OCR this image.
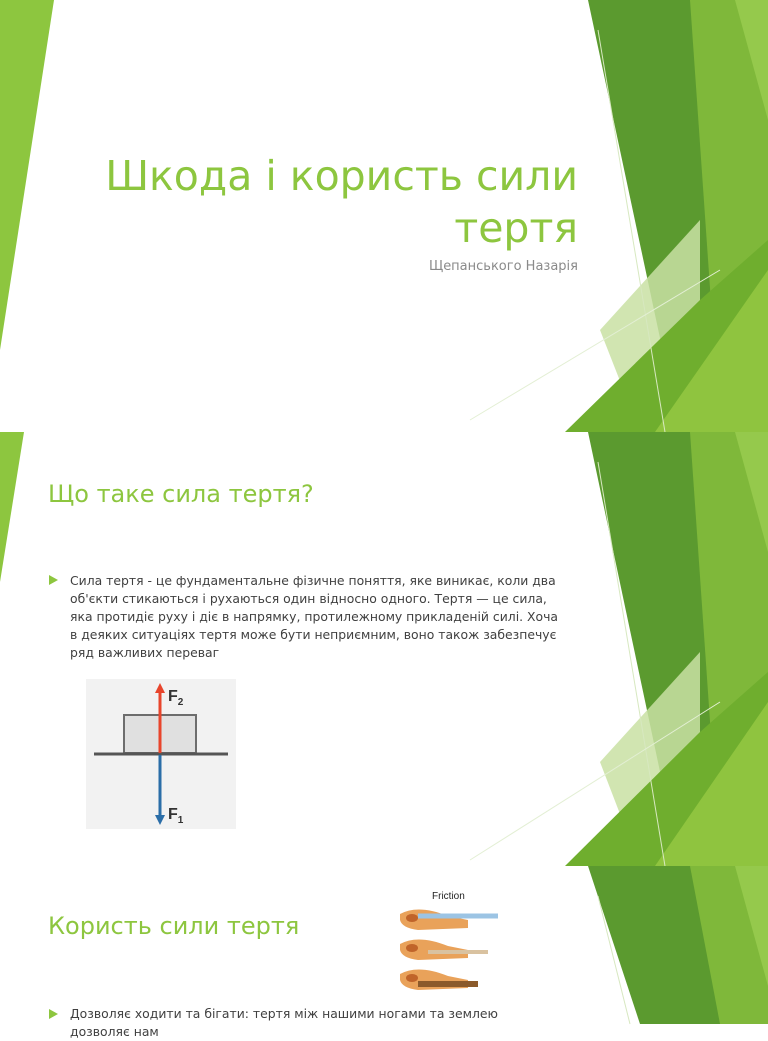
Шкода і користь сили тертя

Щепанського Назарія

Що таке сила тертя?

Сила тертя - це фундаментальне фізичне поняття, яке виникає, коли два об'єкти стикаються і рухаються один відносно одного. Тертя — це сила, яка протидіє руху і діє в напрямку, протилежному прикладеній силі. Хоча в деяких ситуаціях тертя може бути неприємним, воно також забезпечує ряд важливих переваг

$F_2$
$F_1$
Користь сили тертя
Friction

Дозволяє ходити та бігати: тертя між нашими ногами та землею дозволяє нам
